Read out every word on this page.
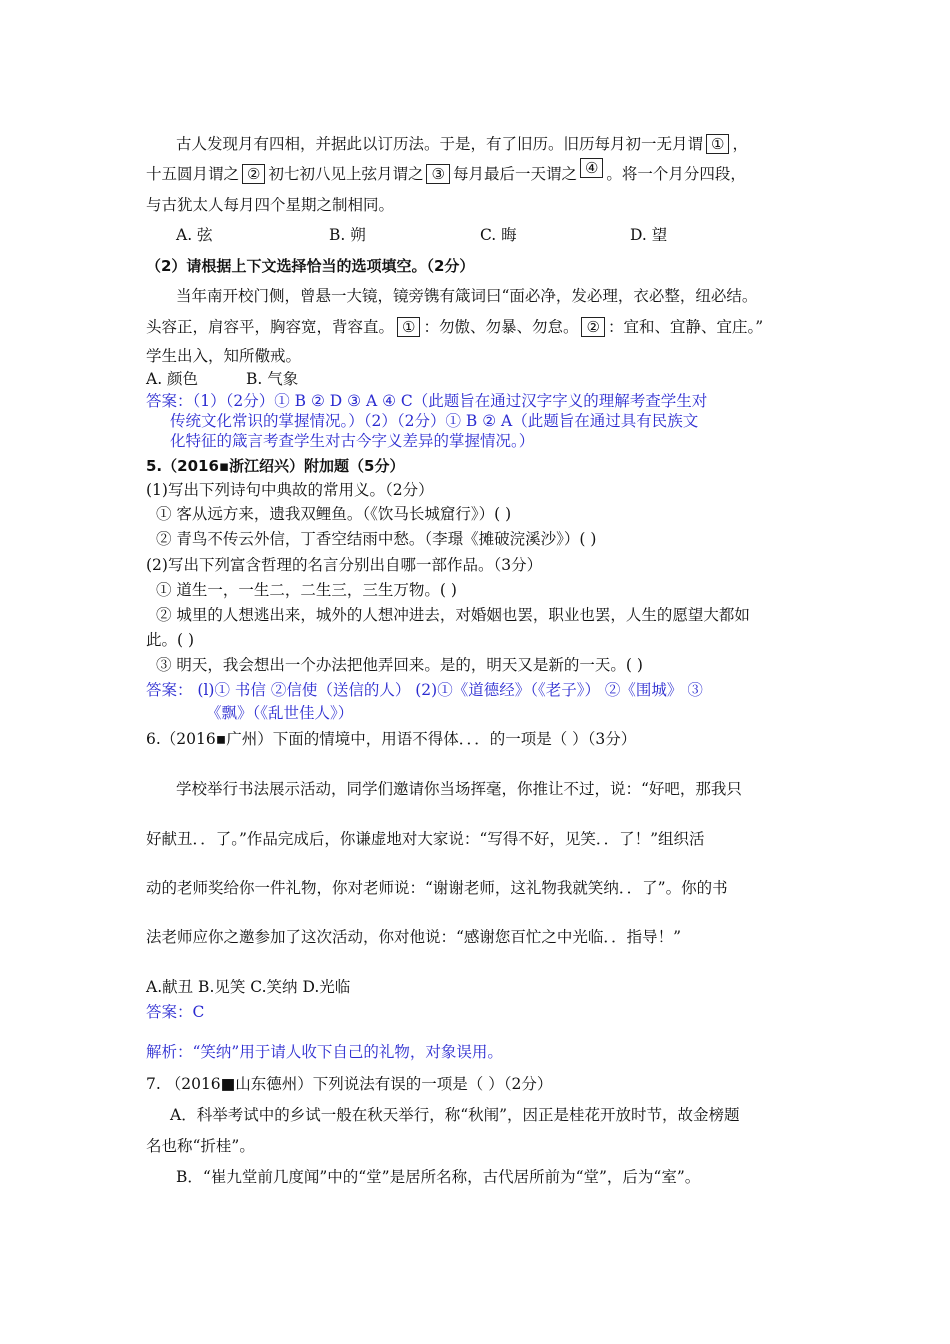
古人发现月有四相，并据此以订历法。于是，有了旧历。旧历每月初一无月谓 ① ，
十五圆月谓之 ② 初七初八见上弦月谓之 ③ 每月最后一天谓之 ④ 。将一个月分四段，
与古犹太人每月四个星期之制相同。
A. 弦	B. 朔	C. 晦	D. 望
（2）请根据上下文选择恰当的选项填空。（2分）
当年南开校门侧，曾悬一大镜，镜旁镌有箴词曰“面必净，发必理，衣必整，纽必结。
头容正，肩容平，胸容宽，背容直。 ① ：勿傲、勿暴、勿怠。 ② ：宜和、宜静、宜庄。”
学生出入，知所儆戒。
A. 颜色	B. 气象
答案：（1）（2分）① B ② D ③ A ④ C（此题旨在通过汉字字义的理解考查学生对
传统文化常识的掌握情况。）（2）（2分）① B ② A（此题旨在通过具有民族文
化特征的箴言考查学生对古今字义差异的掌握情况。）
5.（2016▪浙江绍兴）附加题（5分）
(1)写出下列诗句中典故的常用义。（2分）
① 客从远方来，遗我双鲤鱼。（《饮马长城窟行》）( )
② 青鸟不传云外信，丁香空结雨中愁。（李璟《摊破浣溪沙》）( )
(2)写出下列富含哲理的名言分别出自哪一部作品。（3分）
① 道生一，一生二，二生三，三生万物。( )
② 城里的人想逃出来，城外的人想冲进去，对婚姻也罢，职业也罢，人生的愿望大都如
此。( )
③ 明天，我会想出一个办法把他弄回来。是的，明天又是新的一天。( )
答案： (l)① 书信 ②信使（送信的人） (2)①《道德经》（《老子》） ②《围城》 ③
《飘》（《乱世佳人》）
6.（2016▪广州）下面的情境中，用语不得体．．．的一项是（ ）（3分）
学校举行书法展示活动，同学们邀请你当场挥毫，你推让不过，说：“好吧，那我只
好献丑．．了。”作品完成后，你谦虚地对大家说：“写得不好，见笑．．了！”组织活
动的老师奖给你一件礼物，你对老师说：“谢谢老师，这礼物我就笑纳．．了”。你的书
法老师应你之邀参加了这次活动，你对他说：“感谢您百忙之中光临．．指导！”
A.献丑 B.见笑 C.笑纳 D.光临
答案：C
解析：“笑纳”用于请人收下自己的礼物，对象误用。
7. （2016■山东德州）下列说法有误的一项是（ ）（2分）
A．科举考试中的乡试一般在秋天举行，称“秋闱”，因正是桂花开放时节，故金榜题
名也称“折桂”。
B．“崔九堂前几度闻”中的“堂”是居所名称，古代居所前为“堂”，后为“室”。
